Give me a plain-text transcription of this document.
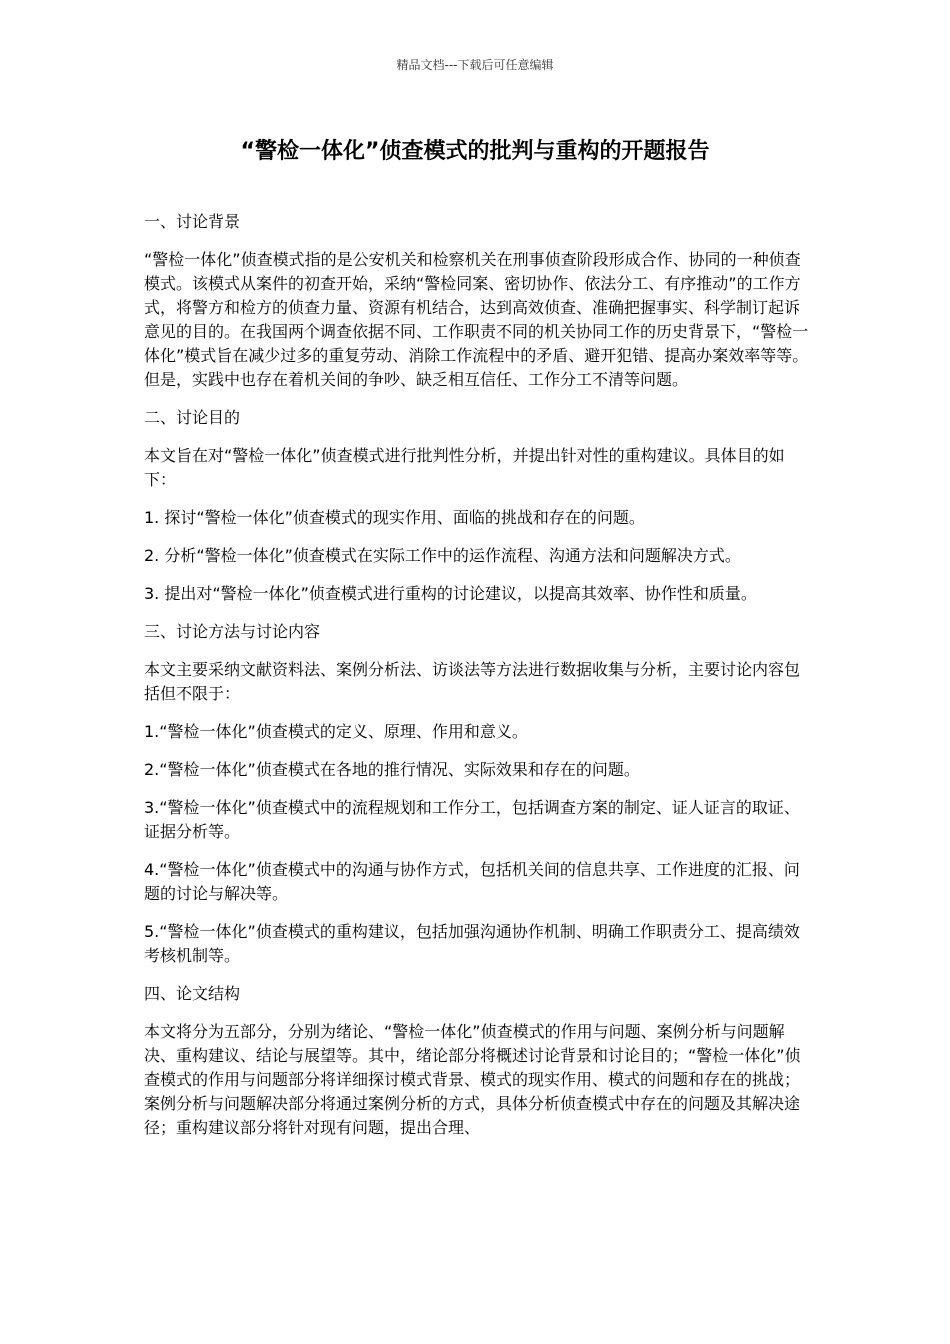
精品文档---下载后可任意编辑
“警检一体化”侦查模式的批判与重构的开题报告

一、讨论背景

“警检一体化”侦查模式指的是公安机关和检察机关在刑事侦查阶段形成合作、协同的一种侦查模式。该模式从案件的初查开始，采纳“警检同案、密切协作、依法分工、有序推动”的工作方式，将警方和检方的侦查力量、资源有机结合，达到高效侦查、准确把握事实、科学制订起诉意见的目的。在我国两个调查依据不同、工作职责不同的机关协同工作的历史背景下，“警检一体化”模式旨在减少过多的重复劳动、消除工作流程中的矛盾、避开犯错、提高办案效率等等。但是，实践中也存在着机关间的争吵、缺乏相互信任、工作分工不清等问题。

二、讨论目的

本文旨在对“警检一体化”侦查模式进行批判性分析，并提出针对性的重构建议。具体目的如下：

1. 探讨“警检一体化”侦查模式的现实作用、面临的挑战和存在的问题。

2. 分析“警检一体化”侦查模式在实际工作中的运作流程、沟通方法和问题解决方式。

3. 提出对“警检一体化”侦查模式进行重构的讨论建议，以提高其效率、协作性和质量。

三、讨论方法与讨论内容

本文主要采纳文献资料法、案例分析法、访谈法等方法进行数据收集与分析，主要讨论内容包括但不限于：

1.“警检一体化”侦查模式的定义、原理、作用和意义。

2.“警检一体化”侦查模式在各地的推行情况、实际效果和存在的问题。

3.“警检一体化”侦查模式中的流程规划和工作分工，包括调查方案的制定、证人证言的取证、证据分析等。

4.“警检一体化”侦查模式中的沟通与协作方式，包括机关间的信息共享、工作进度的汇报、问题的讨论与解决等。

5.“警检一体化”侦查模式的重构建议，包括加强沟通协作机制、明确工作职责分工、提高绩效考核机制等。

四、论文结构

本文将分为五部分，分别为绪论、“警检一体化”侦查模式的作用与问题、案例分析与问题解决、重构建议、结论与展望等。其中，绪论部分将概述讨论背景和讨论目的；“警检一体化”侦查模式的作用与问题部分将详细探讨模式背景、模式的现实作用、模式的问题和存在的挑战；案例分析与问题解决部分将通过案例分析的方式，具体分析侦查模式中存在的问题及其解决途径；重构建议部分将针对现有问题，提出合理、
